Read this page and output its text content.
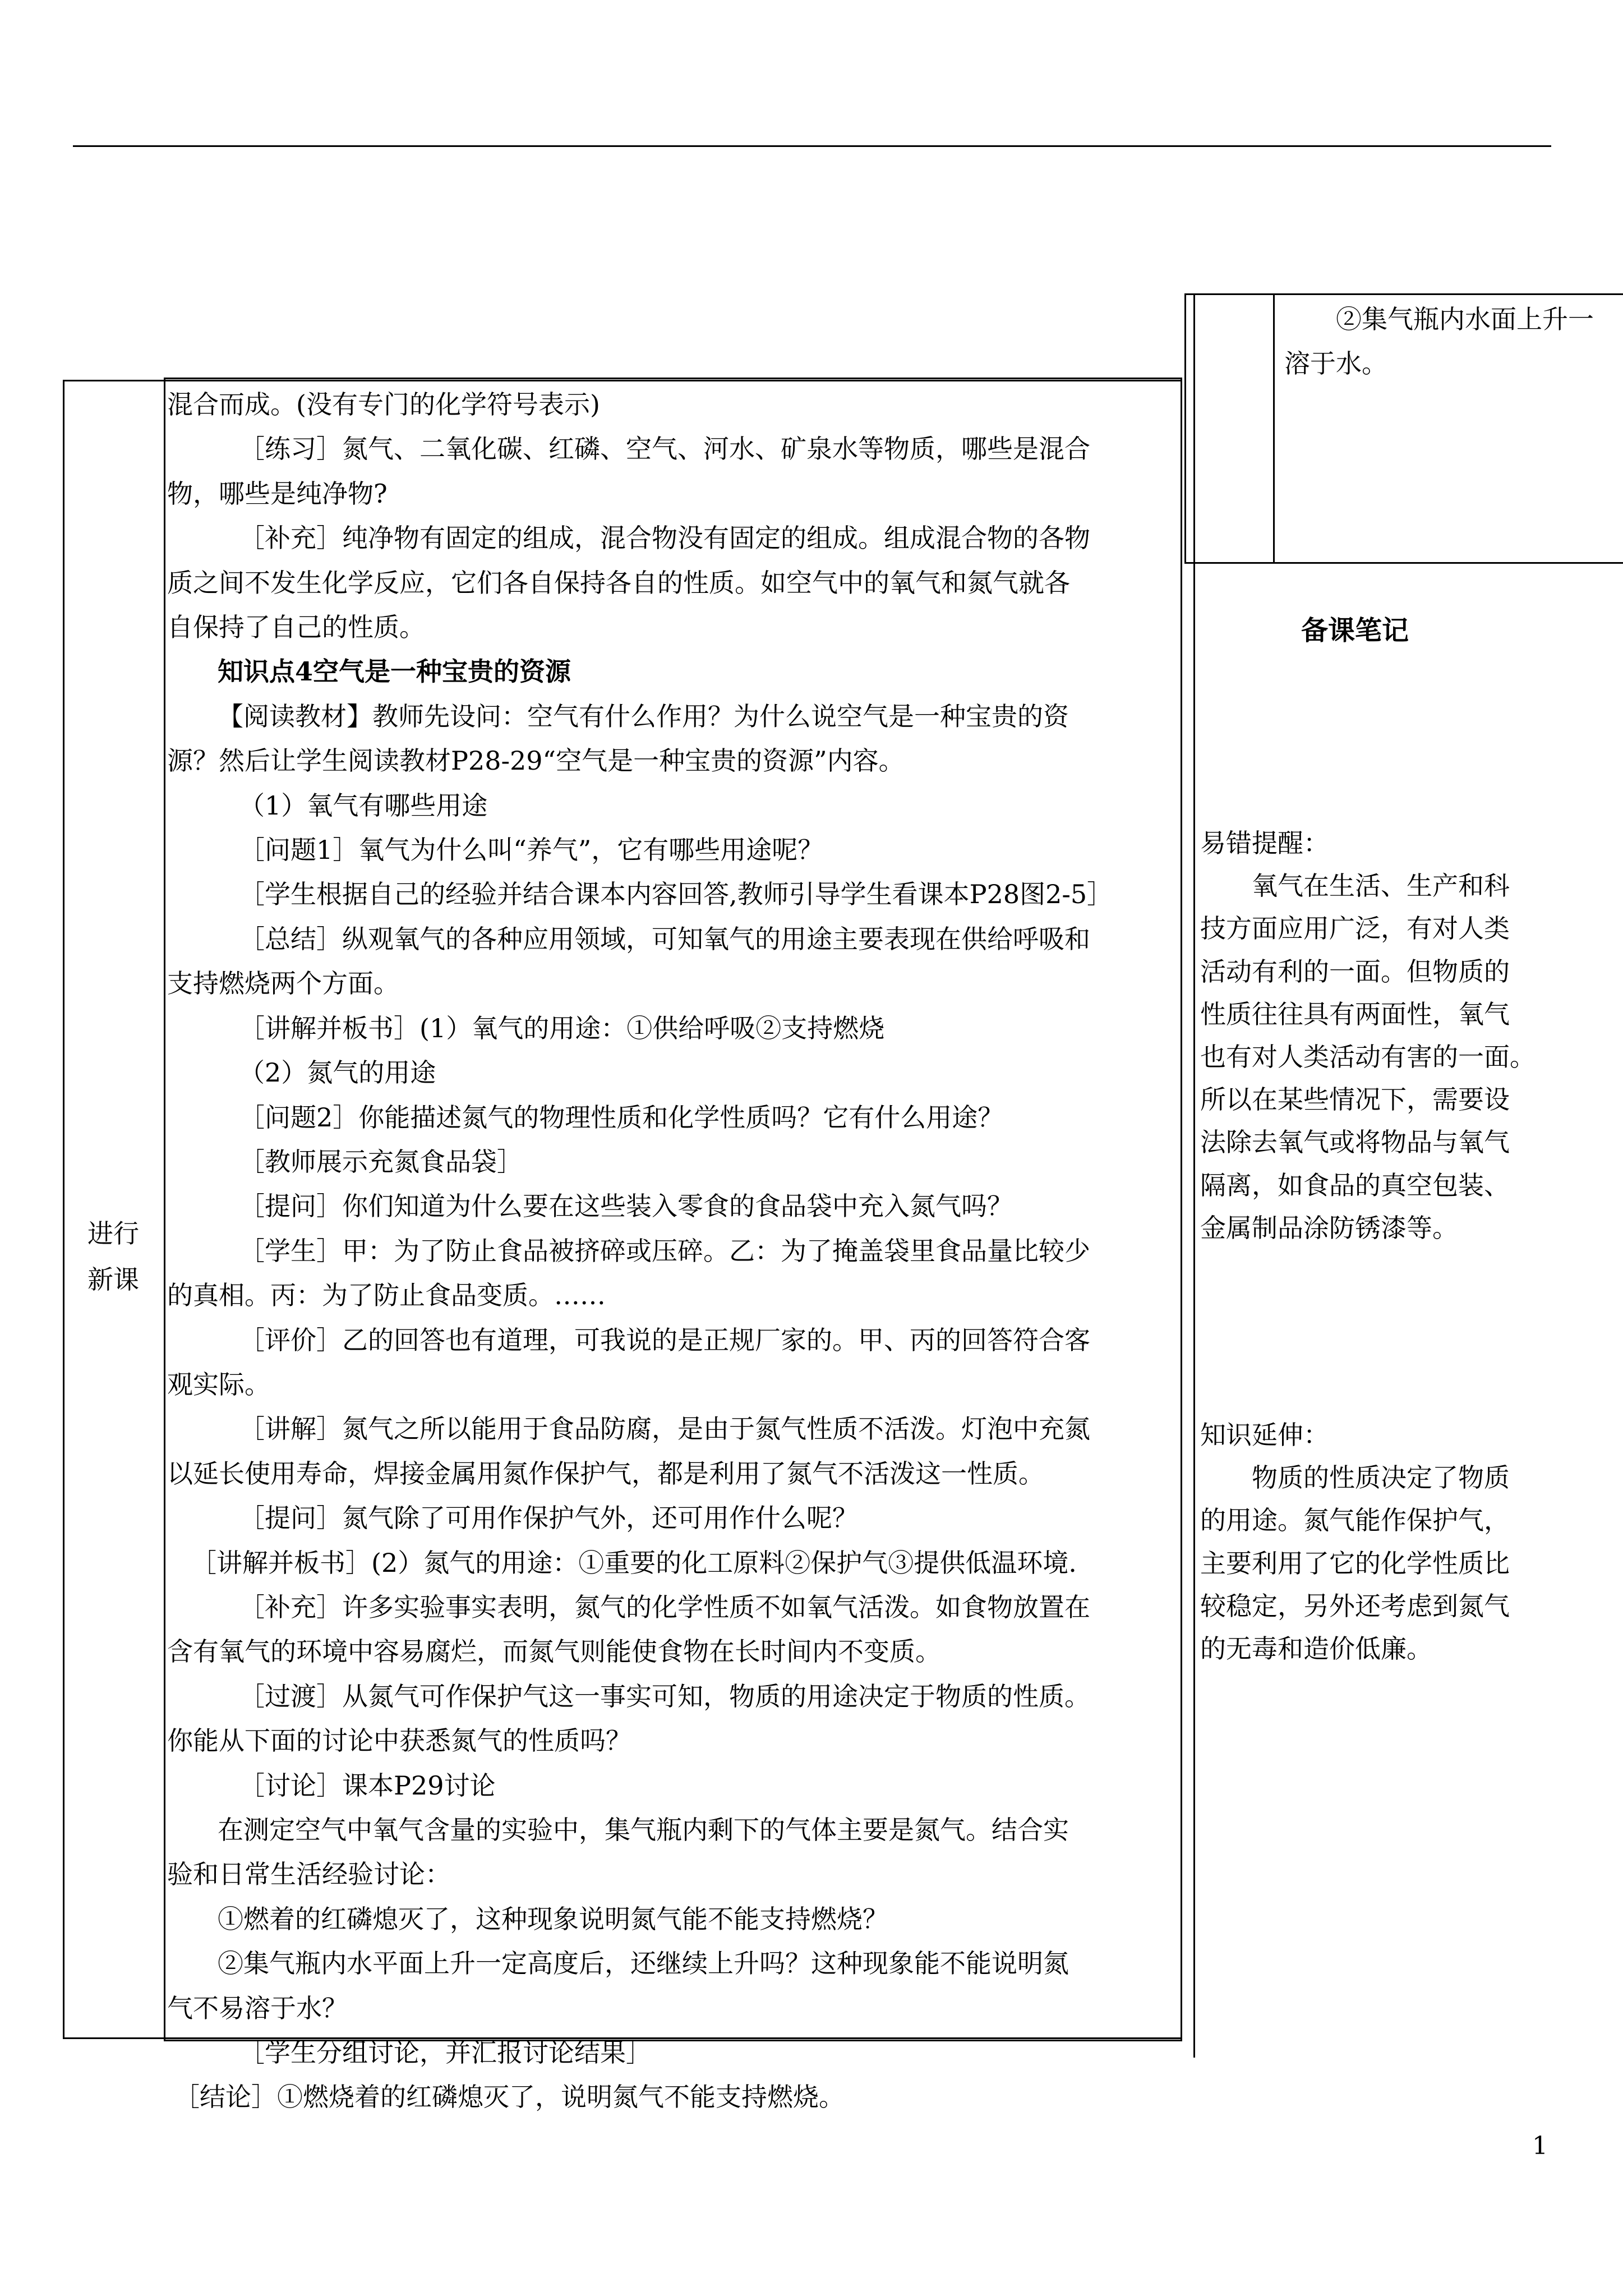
②集气瓶内水面上升一
溶于水。
进行
新课

混合而成。(没有专门的化学符号表示)

［练习］氮气、二氧化碳、红磷、空气、河水、矿泉水等物质，哪些是混合

物，哪些是纯净物?

［补充］纯净物有固定的组成，混合物没有固定的组成。组成混合物的各物

质之间不发生化学反应，它们各自保持各自的性质。如空气中的氧气和氮气就各

自保持了自己的性质。

知识点4空气是一种宝贵的资源

【阅读教材】教师先设问：空气有什么作用？为什么说空气是一种宝贵的资

源？然后让学生阅读教材P28-29“空气是一种宝贵的资源”内容。

（1）氧气有哪些用途

［问题1］氧气为什么叫“养气”，它有哪些用途呢？

［学生根据自己的经验并结合课本内容回答,教师引导学生看课本P28图2-5］

［总结］纵观氧气的各种应用领域，可知氧气的用途主要表现在供给呼吸和

支持燃烧两个方面。

［讲解并板书］(1）氧气的用途：①供给呼吸②支持燃烧

（2）氮气的用途

［问题2］你能描述氮气的物理性质和化学性质吗？它有什么用途？

［教师展示充氮食品袋］

［提问］你们知道为什么要在这些装入零食的食品袋中充入氮气吗？

［学生］甲：为了防止食品被挤碎或压碎。乙：为了掩盖袋里食品量比较少

的真相。丙：为了防止食品变质。……

［评价］乙的回答也有道理，可我说的是正规厂家的。甲、丙的回答符合客

观实际。

［讲解］氮气之所以能用于食品防腐，是由于氮气性质不活泼。灯泡中充氮

以延长使用寿命，焊接金属用氮作保护气，都是利用了氮气不活泼这一性质。

［提问］氮气除了可用作保护气外，还可用作什么呢？

［讲解并板书］(2）氮气的用途：①重要的化工原料②保护气③提供低温环境.

［补充］许多实验事实表明，氮气的化学性质不如氧气活泼。如食物放置在

含有氧气的环境中容易腐烂，而氮气则能使食物在长时间内不变质。

［过渡］从氮气可作保护气这一事实可知，物质的用途决定于物质的性质。

你能从下面的讨论中获悉氮气的性质吗？

［讨论］课本P29讨论

在测定空气中氧气含量的实验中，集气瓶内剩下的气体主要是氮气。结合实

验和日常生活经验讨论：

①燃着的红磷熄灭了，这种现象说明氮气能不能支持燃烧？

②集气瓶内水平面上升一定高度后，还继续上升吗？这种现象能不能说明氮

气不易溶于水？

［学生分组讨论，并汇报讨论结果］

［结论］①燃烧着的红磷熄灭了，说明氮气不能支持燃烧。

备课笔记

易错提醒：

氧气在生活、生产和科

技方面应用广泛，有对人类

活动有利的一面。但物质的

性质往往具有两面性，氧气

也有对人类活动有害的一面。

所以在某些情况下，需要设

法除去氧气或将物品与氧气

隔离，如食品的真空包装、

金属制品涂防锈漆等。

知识延伸：

物质的性质决定了物质

的用途。氮气能作保护气，

主要利用了它的化学性质比

较稳定，另外还考虑到氮气

的无毒和造价低廉。

1
